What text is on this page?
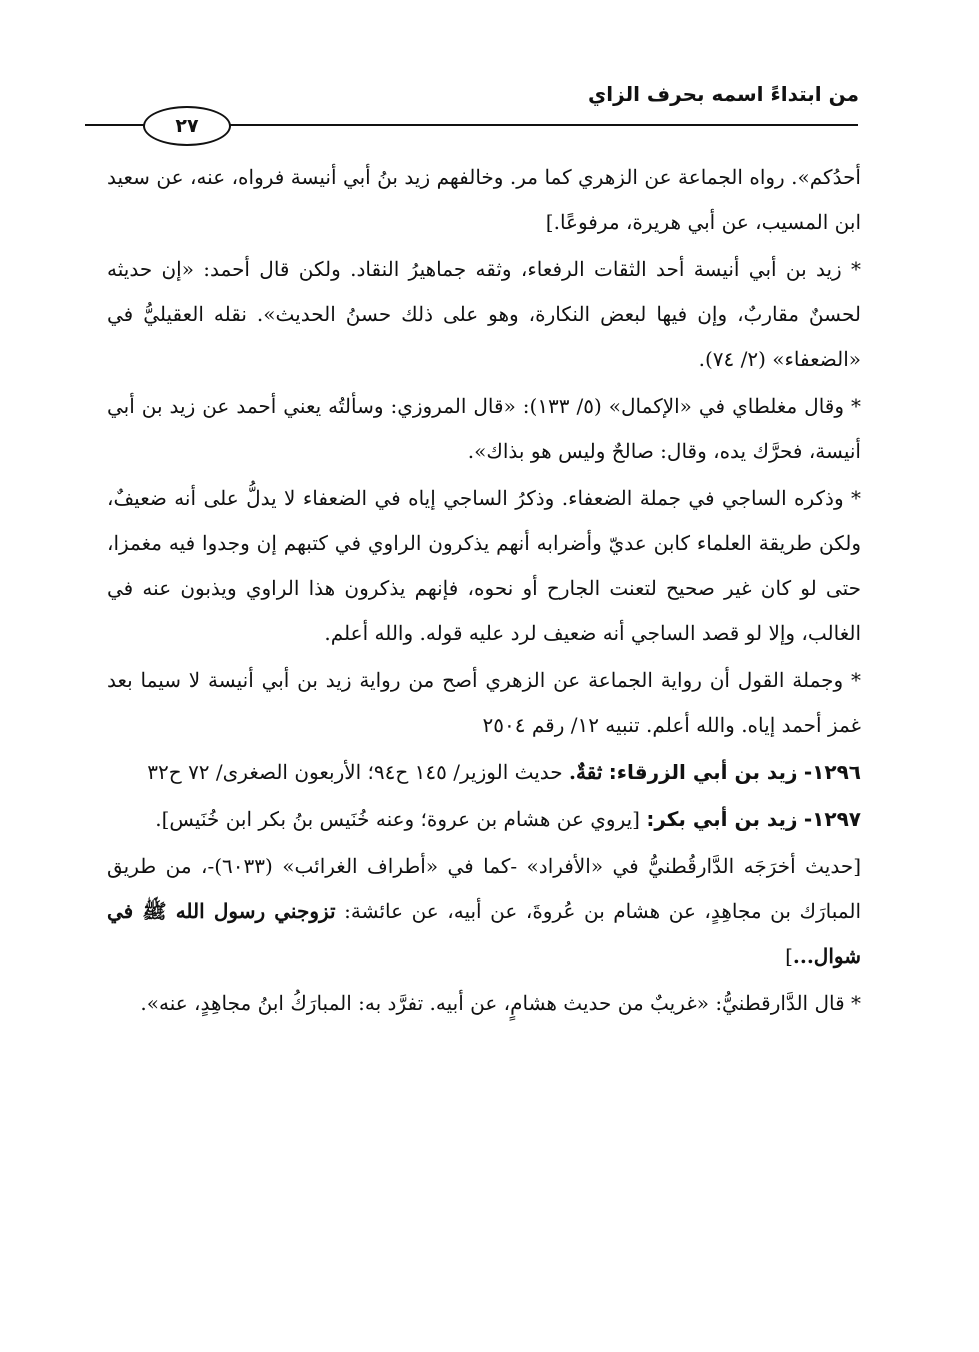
من ابتداءً اسمه بحرف الزاي
٢٧

أحدُكم». رواه الجماعة عن الزهري كما مر. وخالفهم زيد بنُ أبي أنيسة فرواه، عنه، عن سعيد ابن المسيب، عن أبي هريرة، مرفوعًا.]

* زيد بن أبي أنيسة أحد الثقات الرفعاء، وثقه جماهيرُ النقاد. ولكن قال أحمد: «إن حديثه لحسنٌ مقاربٌ، وإن فيها لبعض النكارة، وهو على ذلك حسنُ الحديث». نقله العقيليُّ في «الضعفاء» (٢/ ٧٤).

* وقال مغلطاي في «الإكمال» (٥/ ١٣٣): «قال المروزي: وسألتُه يعني أحمد عن زيد بن أبي أنيسة، فحرَّك يده، وقال: صالحٌ وليس هو بذاك».

* وذكره الساجي في جملة الضعفاء. وذكرُ الساجي إياه في الضعفاء لا يدلُّ على أنه ضعيفٌ، ولكن طريقة العلماء كابن عديّ وأضرابه أنهم يذكرون الراوي في كتبهم إن وجدوا فيه مغمزا، حتى لو كان غير صحيح لتعنت الجارح أو نحوه، فإنهم يذكرون هذا الراوي ويذبون عنه في الغالب، وإلا لو قصد الساجي أنه ضعيف لرد عليه قوله. والله أعلم.

* وجملة القول أن رواية الجماعة عن الزهري أصح من رواية زيد بن أبي أنيسة لا سيما بعد غمز أحمد إياه. والله أعلم. تنبيه ١٢/ رقم ٢٥٠٤

١٢٩٦- زيد بن أبي الزرقاء: ثقةٌ. حديث الوزير/ ١٤٥ ح٩٤؛ الأربعون الصغرى/ ٧٢ ح٣٢

١٢٩٧- زيد بن أبي بكر: [يروي عن هشام بن عروة؛ وعنه خُنَيس بنُ بكر ابن خُنَيس].

[حديث أخرَجَه الدَّارقُطنيُّ في «الأفراد» -كما في «أطراف الغرائب» (٦٠٣٣)-، من طريق المبارَك بن مجاهِدٍ، عن هشام بن عُروةَ، عن أبيه، عن عائشة: تزوجني رسول الله ﷺ في شوال...]

* قال الدَّارقطنيُّ: «غريبٌ من حديث هشامٍ، عن أبيه. تفرَّد به: المبارَكُ ابنُ مجاهِدٍ، عنه».
